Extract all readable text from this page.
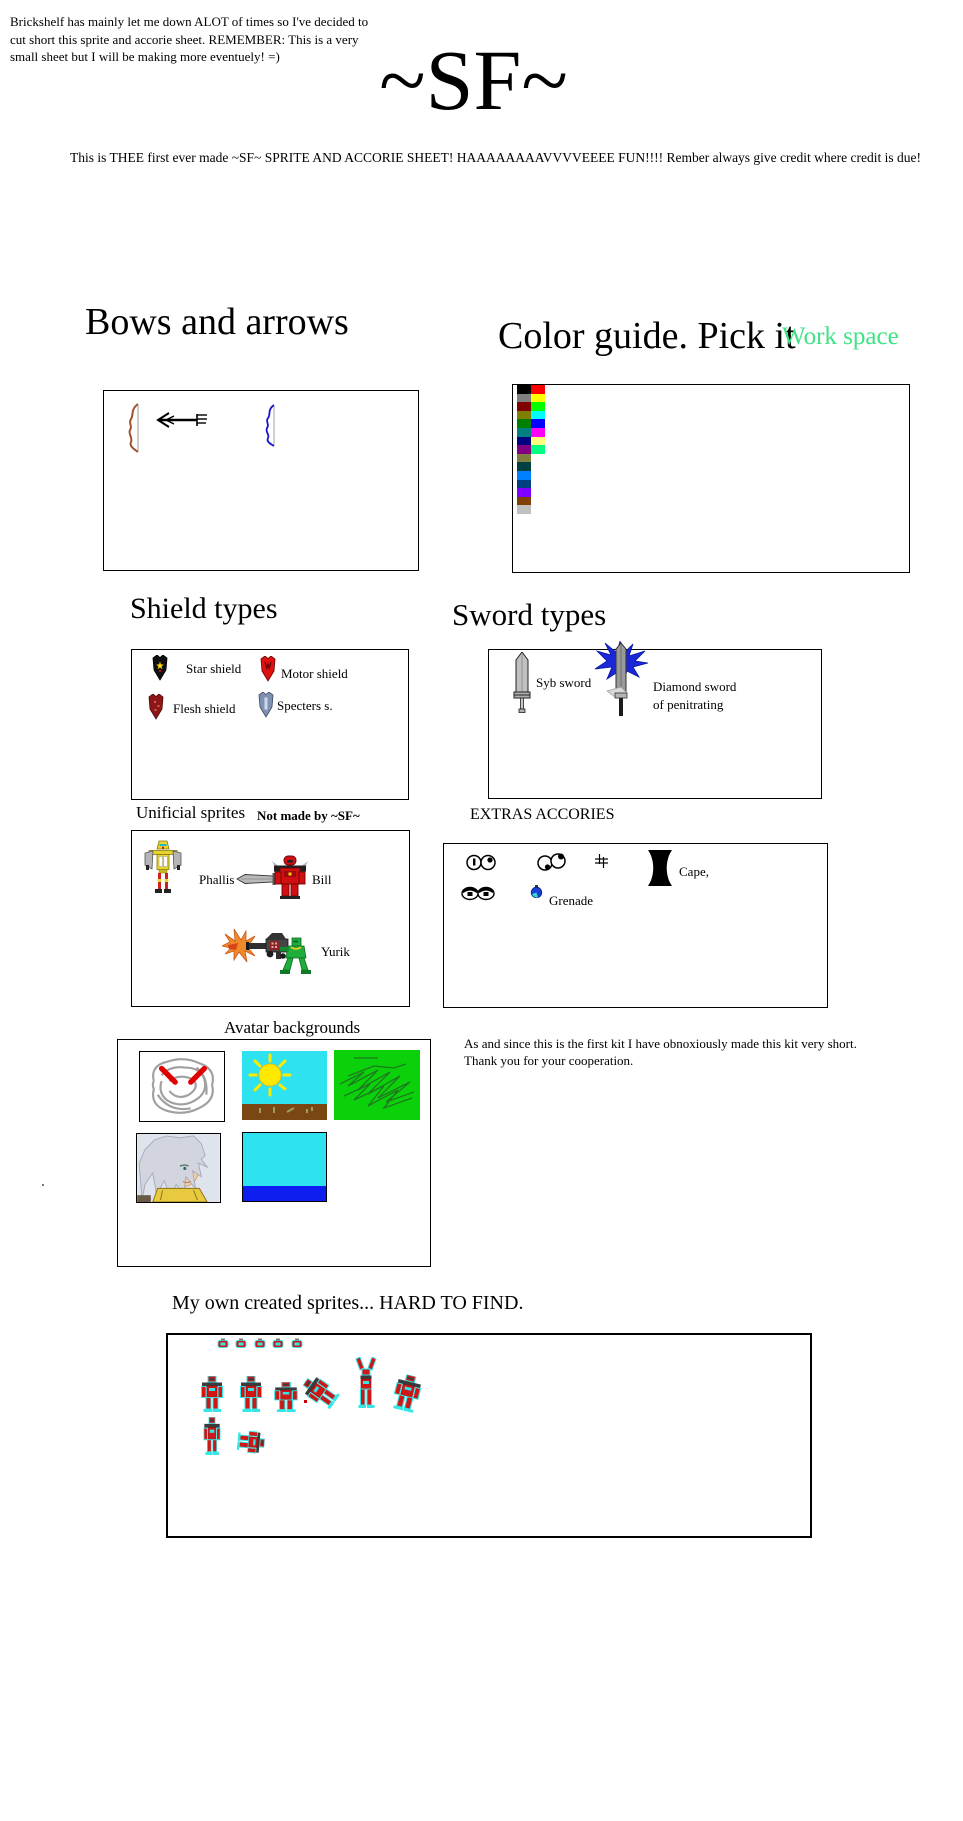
Brickshelf has mainly let me down ALOT of times so I've decided to
cut short this sprite and accorie sheet. REMEMBER: This is a very
small sheet but I will be making more eventuely! =)	~SF~
This is THEE first ever made ~SF~ SPRITE AND ACCORIE SHEET! HAAAAAAAAVVVVEEEE FUN!!!! Rember always give credit where credit is due!
Bows and arrows	Color guide. Pick it
Work space
Shield types
Star shield	Motor shield
Flesh shield	Specters s.
Sword types
Syb sword	Diamond sword
of penitrating
Unificial sprites Not made by ~SF~
Phallis	Bill
Yurik
EXTRAS ACCORIES
Cape,
Grenade
Avatar backgrounds
As and since this is the first kit I have obnoxiously made this kit very short.
Thank you for your cooperation.
My own created sprites... HARD TO FIND.
